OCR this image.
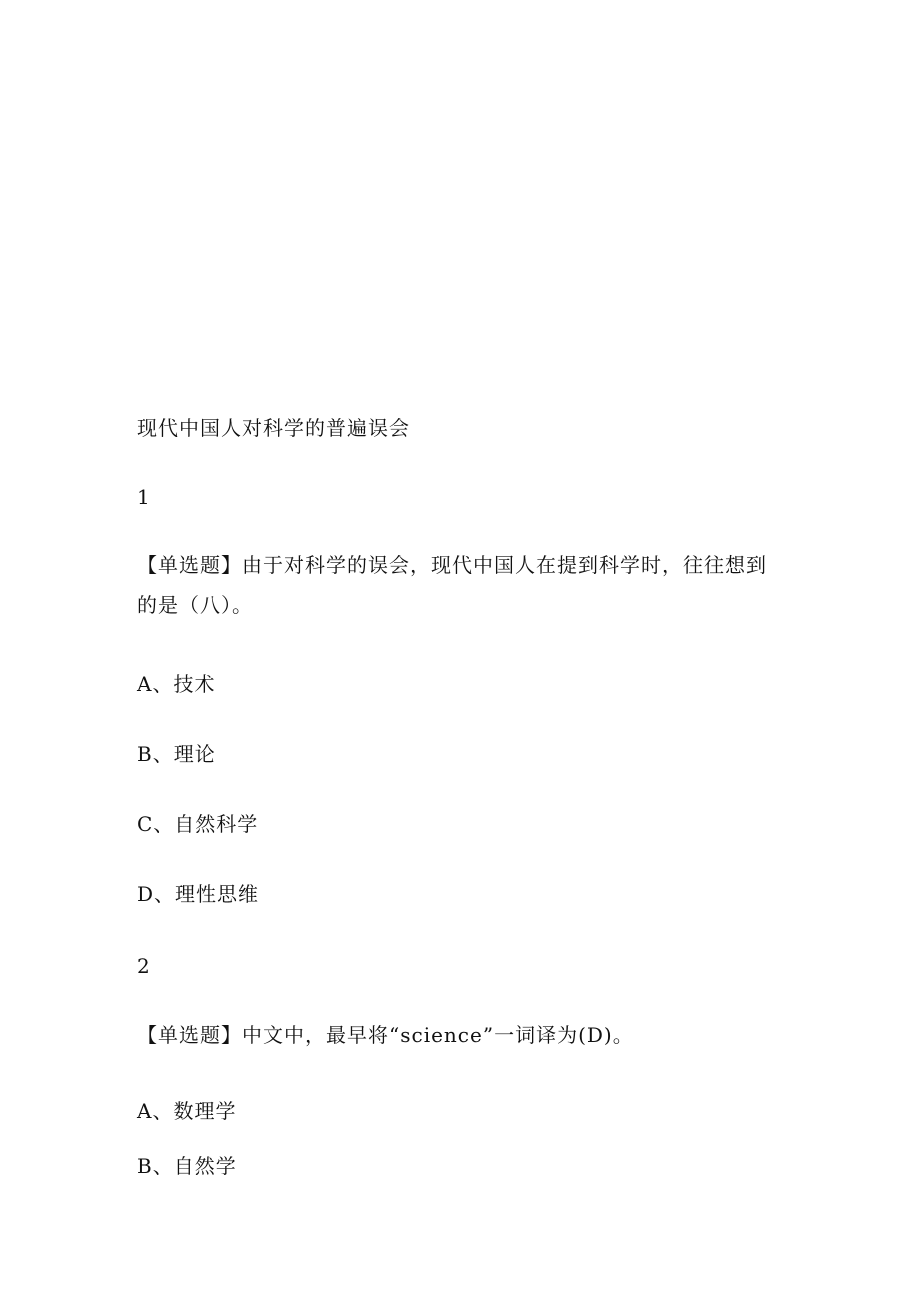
现代中国人对科学的普遍误会

1

【单选题】由于对科学的误会，现代中国人在提到科学时，往往想到的是（八）。

A、技术

B、理论

C、自然科学

D、理性思维

2

【单选题】中文中，最早将“science”一词译为(D)。

A、数理学

B、自然学
